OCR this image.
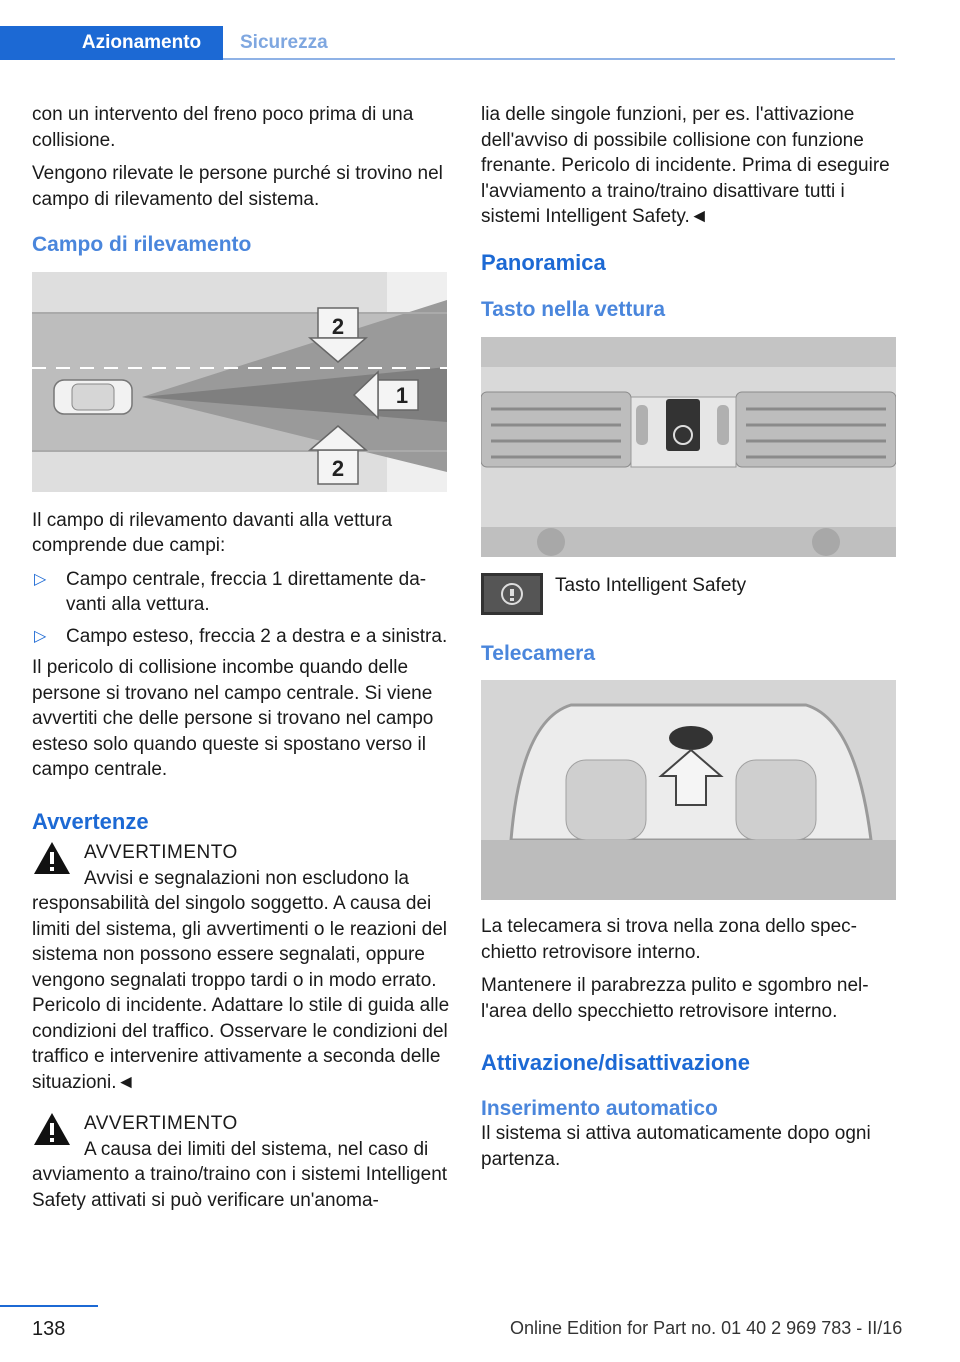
Azionamento	Sicurezza

con un intervento del freno poco prima di una collisione.

Vengono rilevate le persone purché si trovino nel campo di rilevamento del sistema.

Campo di rilevamento
2
1
2

Il campo di rilevamento davanti alla vettura comprende due campi:

▷ Campo centrale, freccia 1 direttamente davanti alla vettura.
▷ Campo esteso, freccia 2 a destra e a sinistra.

Il pericolo di collisione incombe quando delle persone si trovano nel campo centrale. Si viene avvertiti che delle persone si trovano nel campo esteso solo quando queste si spostano verso il campo centrale.

Avvertenze
AVVERTIMENTO
Avvisi e segnalazioni non escludono la
responsabilità del singolo soggetto. A causa dei limiti del sistema, gli avvertimenti o le reazioni del sistema non possono essere segnalati, oppure vengono segnalati troppo tardi o in modo errato. Pericolo di incidente. Adattare lo stile di guida alle condizioni del traffico. Osservare le condizioni del traffico e intervenire attivamente a seconda delle situazioni.◄
AVVERTIMENTO
A causa dei limiti del sistema, nel caso di
avviamento a traino/traino con i sistemi Intelligent Safety attivati si può verificare un'anoma-

lia delle singole funzioni, per es. l'attivazione dell'avviso di possibile collisione con funzione frenante. Pericolo di incidente. Prima di eseguire l'avviamento a traino/traino disattivare tutti i sistemi Intelligent Safety.◄

Panoramica
Tasto nella vettura
Tasto Intelligent Safety
Telecamera

La telecamera si trova nella zona dello specchietto retrovisore interno.

Mantenere il parabrezza pulito e sgombro nell'area dello specchietto retrovisore interno.

Attivazione/disattivazione
Inserimento automatico

Il sistema si attiva automaticamente dopo ogni partenza.

138	Online Edition for Part no. 01 40 2 969 783 - II/16
